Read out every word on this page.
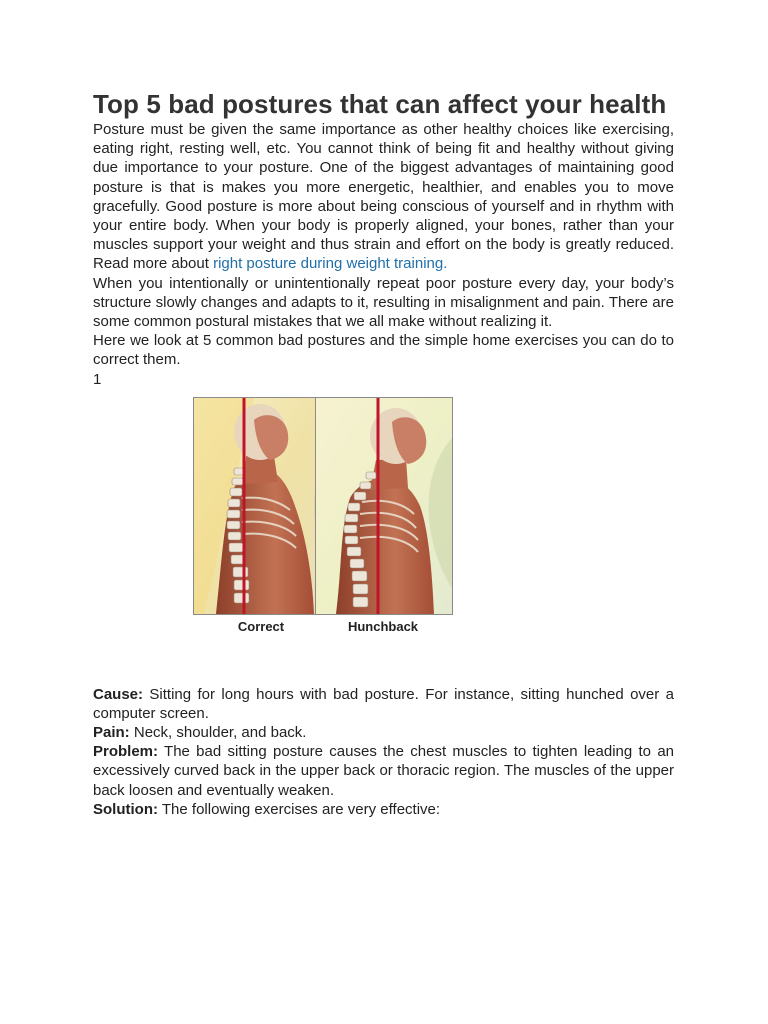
Top 5 bad postures that can affect your health

Posture must be given the same importance as other healthy choices like exercising, eating right, resting well, etc. You cannot think of being fit and healthy without giving due importance to your posture. One of the biggest advantages of maintaining good posture is that is makes you more energetic, healthier, and enables you to move gracefully. Good posture is more about being conscious of yourself and in rhythm with your entire body. When your body is properly aligned, your bones, rather than your muscles support your weight and thus strain and effort on the body is greatly reduced. Read more about right posture during weight training.

When you intentionally or unintentionally repeat poor posture every day, your body’s structure slowly changes and adapts to it, resulting in misalignment and pain. There are some common postural mistakes that we all make without realizing it.

Here we look at 5 common bad postures and the simple home exercises you can do to correct them.

1

Correct	Hunchback

Cause: Sitting for long hours with bad posture. For instance, sitting hunched over a computer screen.

Pain: Neck, shoulder, and back.

Problem: The bad sitting posture causes the chest muscles to tighten leading to an excessively curved back in the upper back or thoracic region. The muscles of the upper back loosen and eventually weaken.

Solution: The following exercises are very effective:
